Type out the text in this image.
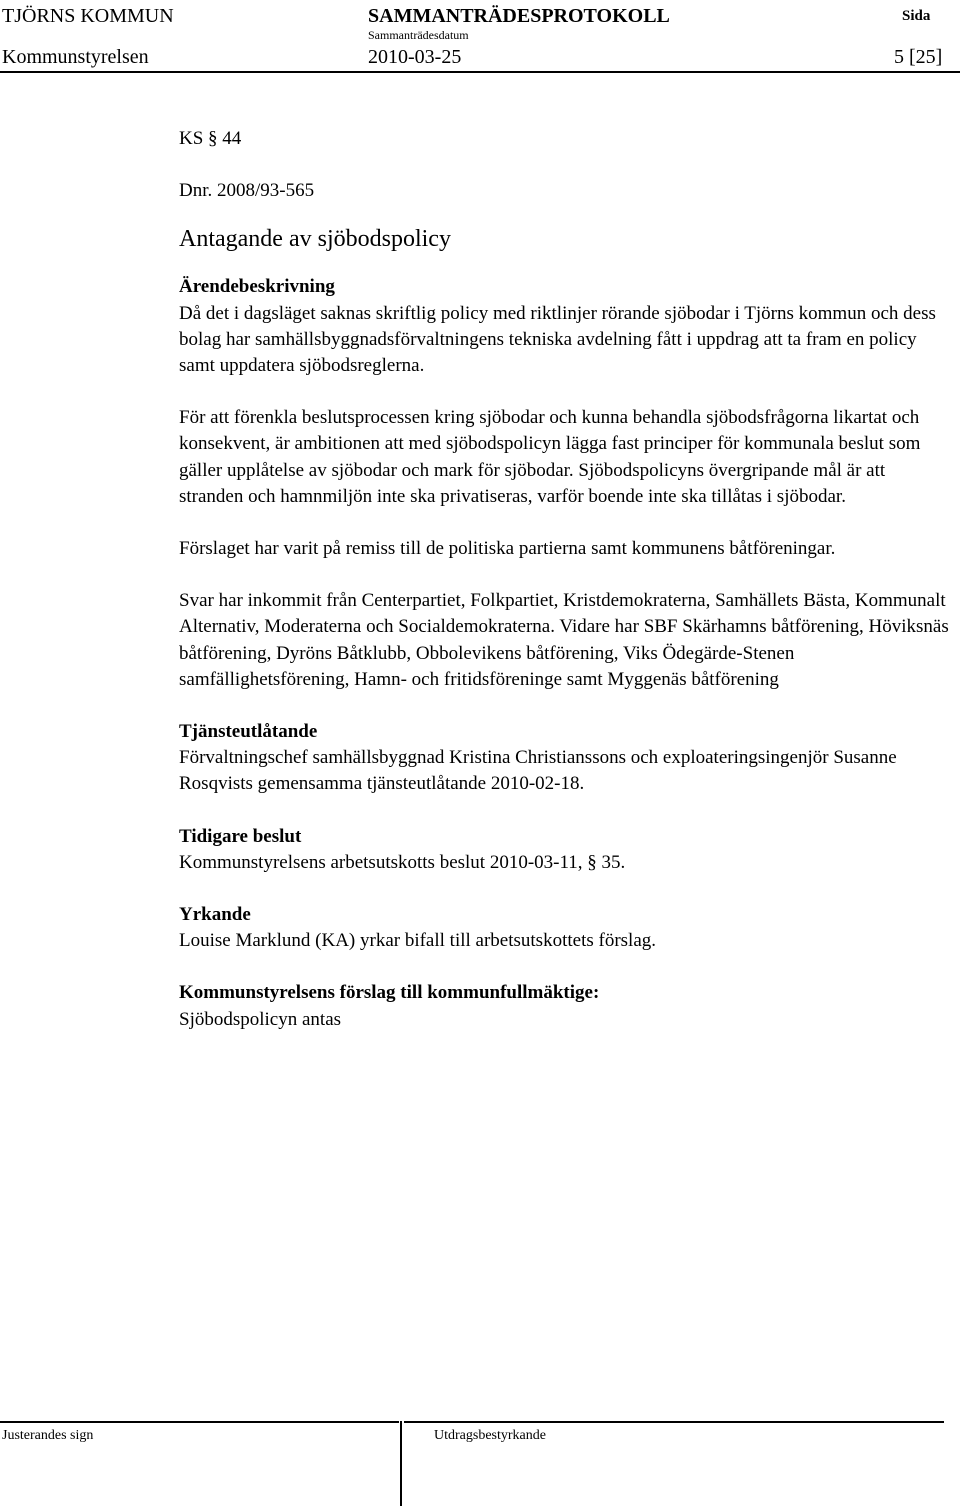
TJÖRNS KOMMUN	SAMMANTRÄDESPROTOKOLL	Sida
Sammanträdesdatum
Kommunstyrelsen	2010-03-25	5 [25]

KS § 44

Dnr. 2008/93-565

Antagande av sjöbodspolicy

Ärendebeskrivning

Då det i dagsläget saknas skriftlig policy med riktlinjer rörande sjöbodar i Tjörns kommun och dess bolag har samhällsbyggnadsförvaltningens tekniska avdelning fått i uppdrag att ta fram en policy samt uppdatera sjöbodsreglerna.

För att förenkla beslutsprocessen kring sjöbodar och kunna behandla sjöbodsfrågorna likartat och konsekvent, är ambitionen att med sjöbodspolicyn lägga fast principer för kommunala beslut som gäller upplåtelse av sjöbodar och mark för sjöbodar. Sjöbodspolicyns övergripande mål är att stranden och hamnmiljön inte ska privatiseras, varför boende inte ska tillåtas i sjöbodar.

Förslaget har varit på remiss till de politiska partierna samt kommunens båtföreningar.

Svar har inkommit från Centerpartiet, Folkpartiet, Kristdemokraterna, Samhällets Bästa, Kommunalt Alternativ, Moderaterna och Socialdemokraterna. Vidare har SBF Skärhamns båtförening, Höviksnäs båtförening, Dyröns Båtklubb, Obbolevikens båtförening, Viks Ödegärde-Stenen samfällighetsförening, Hamn- och fritidsföreninge samt Myggenäs båtförening

Tjänsteutlåtande

Förvaltningschef samhällsbyggnad Kristina Christianssons och exploateringsingenjör Susanne Rosqvists gemensamma tjänsteutlåtande 2010-02-18.

Tidigare beslut

Kommunstyrelsens arbetsutskotts beslut 2010-03-11, § 35.

Yrkande

Louise Marklund (KA) yrkar bifall till arbetsutskottets förslag.

Kommunstyrelsens förslag till kommunfullmäktige:

Sjöbodspolicyn antas

Justerandes sign	Utdragsbestyrkande
